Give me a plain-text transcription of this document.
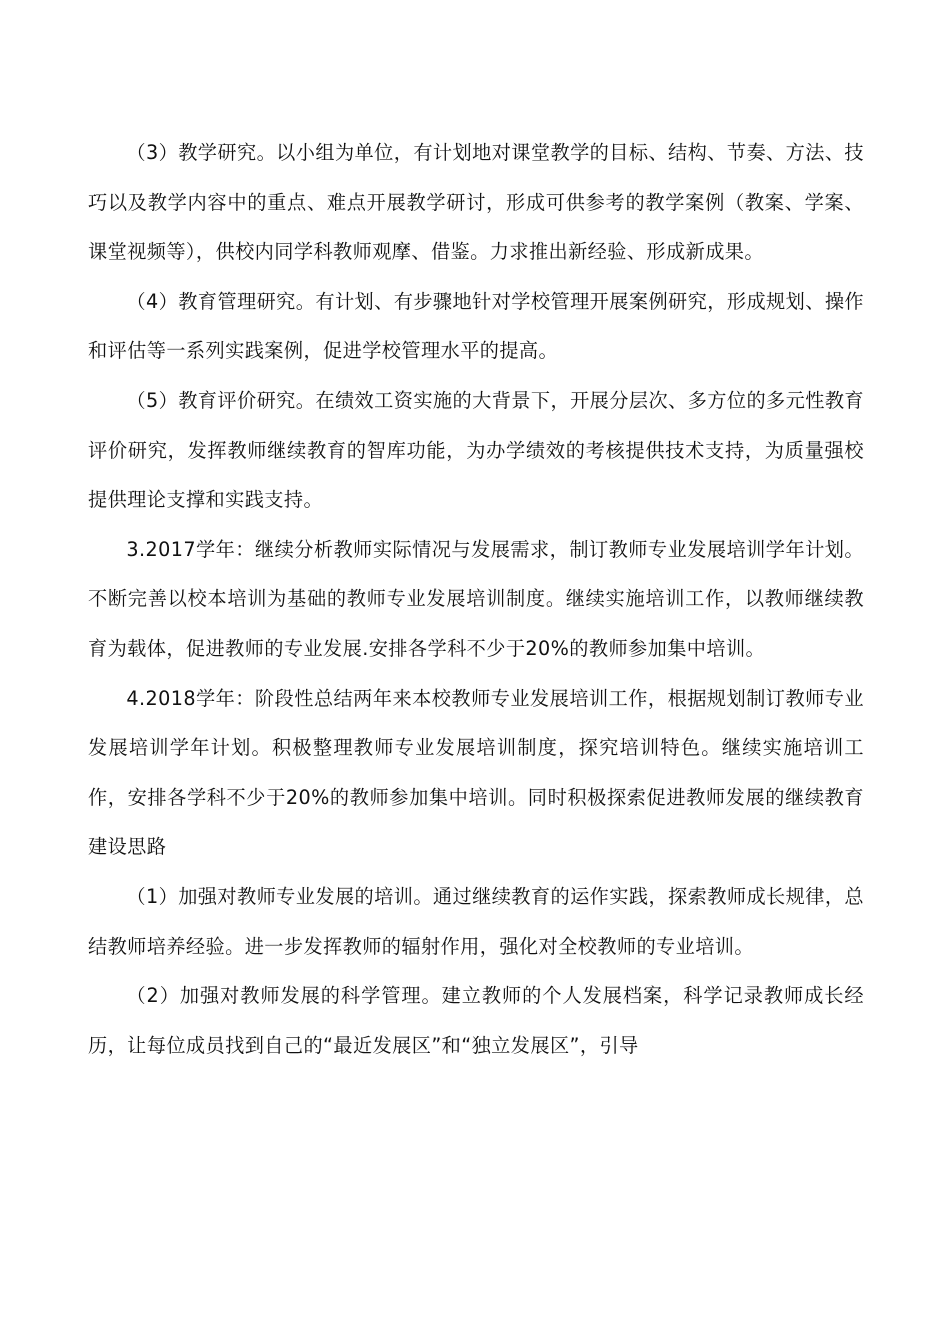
（3）教学研究。以小组为单位，有计划地对课堂教学的目标、结构、节奏、方法、技巧以及教学内容中的重点、难点开展教学研讨，形成可供参考的教学案例（教案、学案、课堂视频等），供校内同学科教师观摩、借鉴。力求推出新经验、形成新成果。

（4）教育管理研究。有计划、有步骤地针对学校管理开展案例研究，形成规划、操作和评估等一系列实践案例，促进学校管理水平的提高。

（5）教育评价研究。在绩效工资实施的大背景下，开展分层次、多方位的多元性教育评价研究，发挥教师继续教育的智库功能，为办学绩效的考核提供技术支持，为质量强校提供理论支撑和实践支持。

3.2017学年：继续分析教师实际情况与发展需求，制订教师专业发展培训学年计划。不断完善以校本培训为基础的教师专业发展培训制度。继续实施培训工作，以教师继续教育为载体，促进教师的专业发展.安排各学科不少于20%的教师参加集中培训。

4.2018学年：阶段性总结两年来本校教师专业发展培训工作，根据规划制订教师专业发展培训学年计划。积极整理教师专业发展培训制度，探究培训特色。继续实施培训工作，安排各学科不少于20%的教师参加集中培训。同时积极探索促进教师发展的继续教育建设思路

（1）加强对教师专业发展的培训。通过继续教育的运作实践，探索教师成长规律，总结教师培养经验。进一步发挥教师的辐射作用，强化对全校教师的专业培训。

（2）加强对教师发展的科学管理。建立教师的个人发展档案，科学记录教师成长经历，让每位成员找到自己的“最近发展区”和“独立发展区”，引导
